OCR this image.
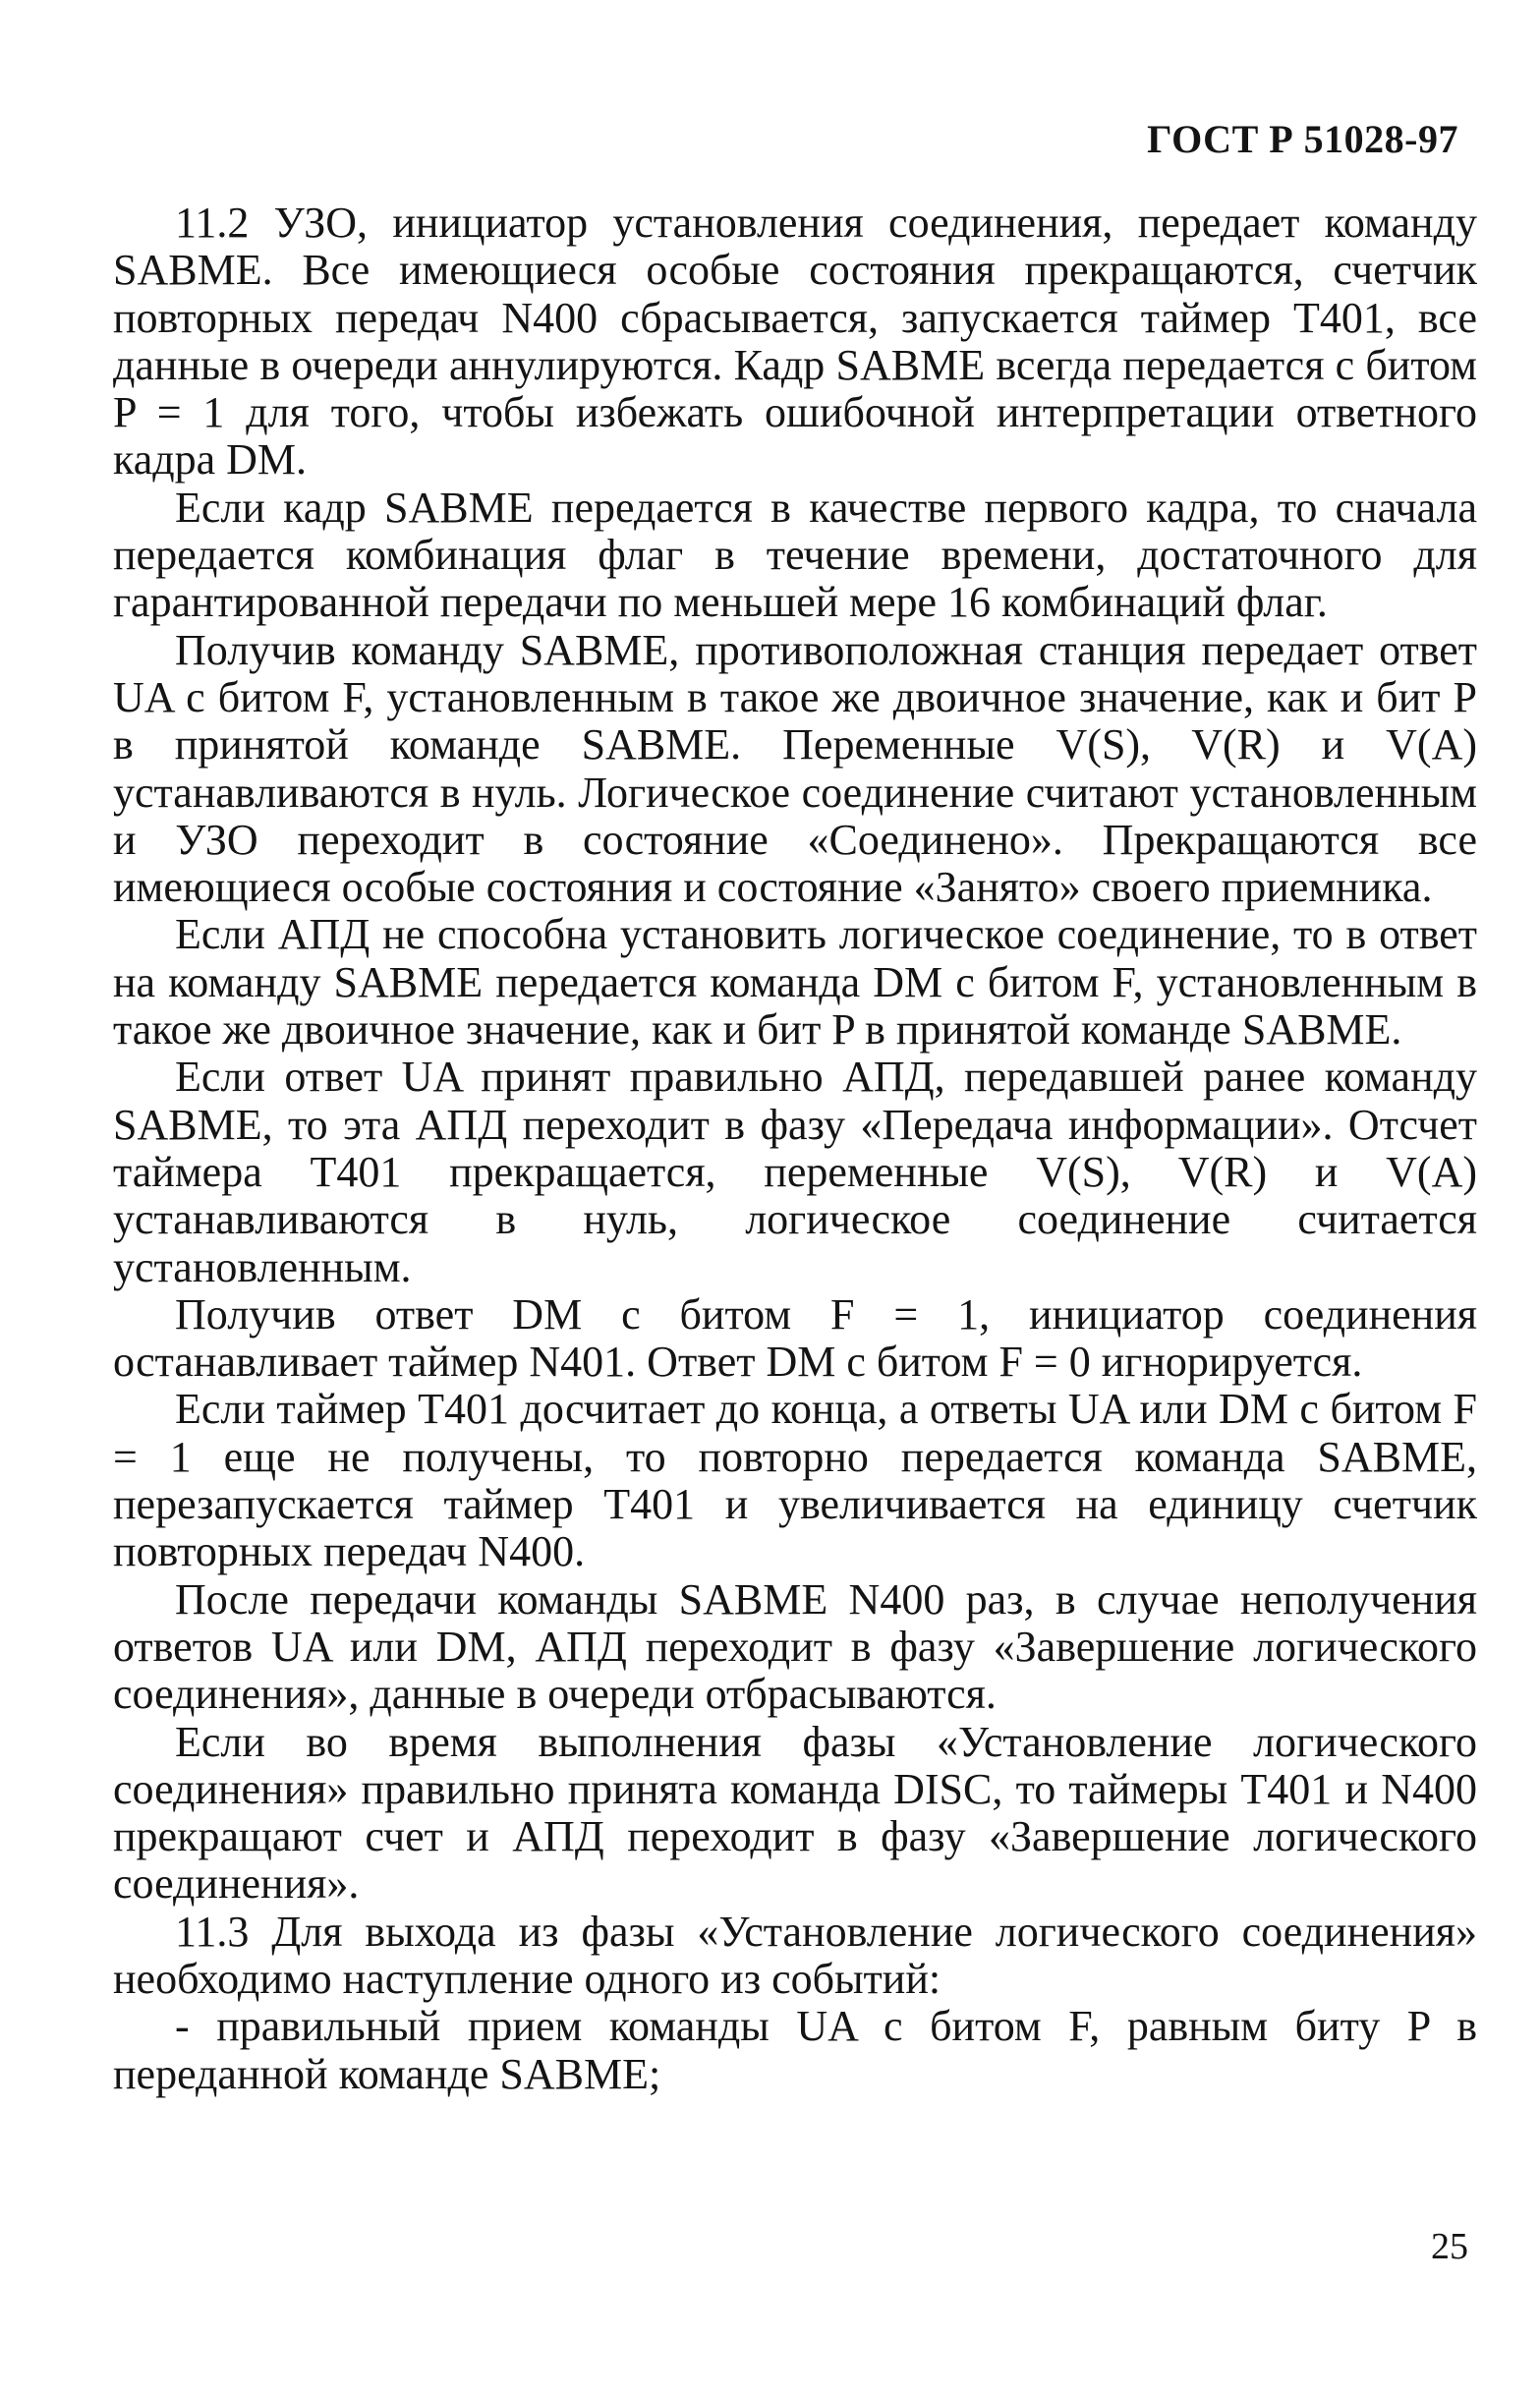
ГОСТ Р 51028-97

11.2 УЗО, инициатор установления соединения, передает команду SABME. Все имеющиеся особые состояния прекращаются, счетчик повторных передач N400 сбрасывается, запускается таймер T401, все данные в очереди аннулируются. Кадр SABME всегда передается с битом P = 1 для того, чтобы избежать ошибочной интерпретации ответного кадра DM.

Если кадр SABME передается в качестве первого кадра, то сначала передается комбинация флаг в течение времени, достаточного для гарантированной передачи по меньшей мере 16 комбинаций флаг.

Получив команду SABME, противоположная станция передает ответ UA с битом F, установленным в такое же двоичное значение, как и бит P в принятой команде SABME. Переменные V(S), V(R) и V(A) устанавливаются в нуль. Логическое соединение считают установленным и УЗО переходит в состояние «Соединено». Прекращаются все имеющиеся особые состояния и состояние «Занято» своего приемника.

Если АПД не способна установить логическое соединение, то в ответ на команду SABME передается команда DM с битом F, установленным в такое же двоичное значение, как и бит P в принятой команде SABME.

Если ответ UA принят правильно АПД, передавшей ранее команду SABME, то эта АПД переходит в фазу «Передача информации». Отсчет таймера T401 прекращается, переменные V(S), V(R) и V(A) устанавливаются в нуль, логическое соединение считается установленным.

Получив ответ DM с битом F = 1, инициатор соединения останавливает таймер N401. Ответ DM с битом F = 0 игнорируется.

Если таймер T401 досчитает до конца, а ответы UA или DM с битом F = 1 еще не получены, то повторно передается команда SABME, перезапускается таймер T401 и увеличивается на единицу счетчик повторных передач N400.

После передачи команды SABME N400 раз, в случае неполучения ответов UA или DM, АПД переходит в фазу «Завершение логического соединения», данные в очереди отбрасываются.

Если во время выполнения фазы «Установление логического соединения» правильно принята команда DISC, то таймеры T401 и N400 прекращают счет и АПД переходит в фазу «Завершение логического соединения».

11.3 Для выхода из фазы «Установление логического соединения» необходимо наступление одного из событий:

- правильный прием команды UA с битом F, равным биту P в переданной команде SABME;

25
